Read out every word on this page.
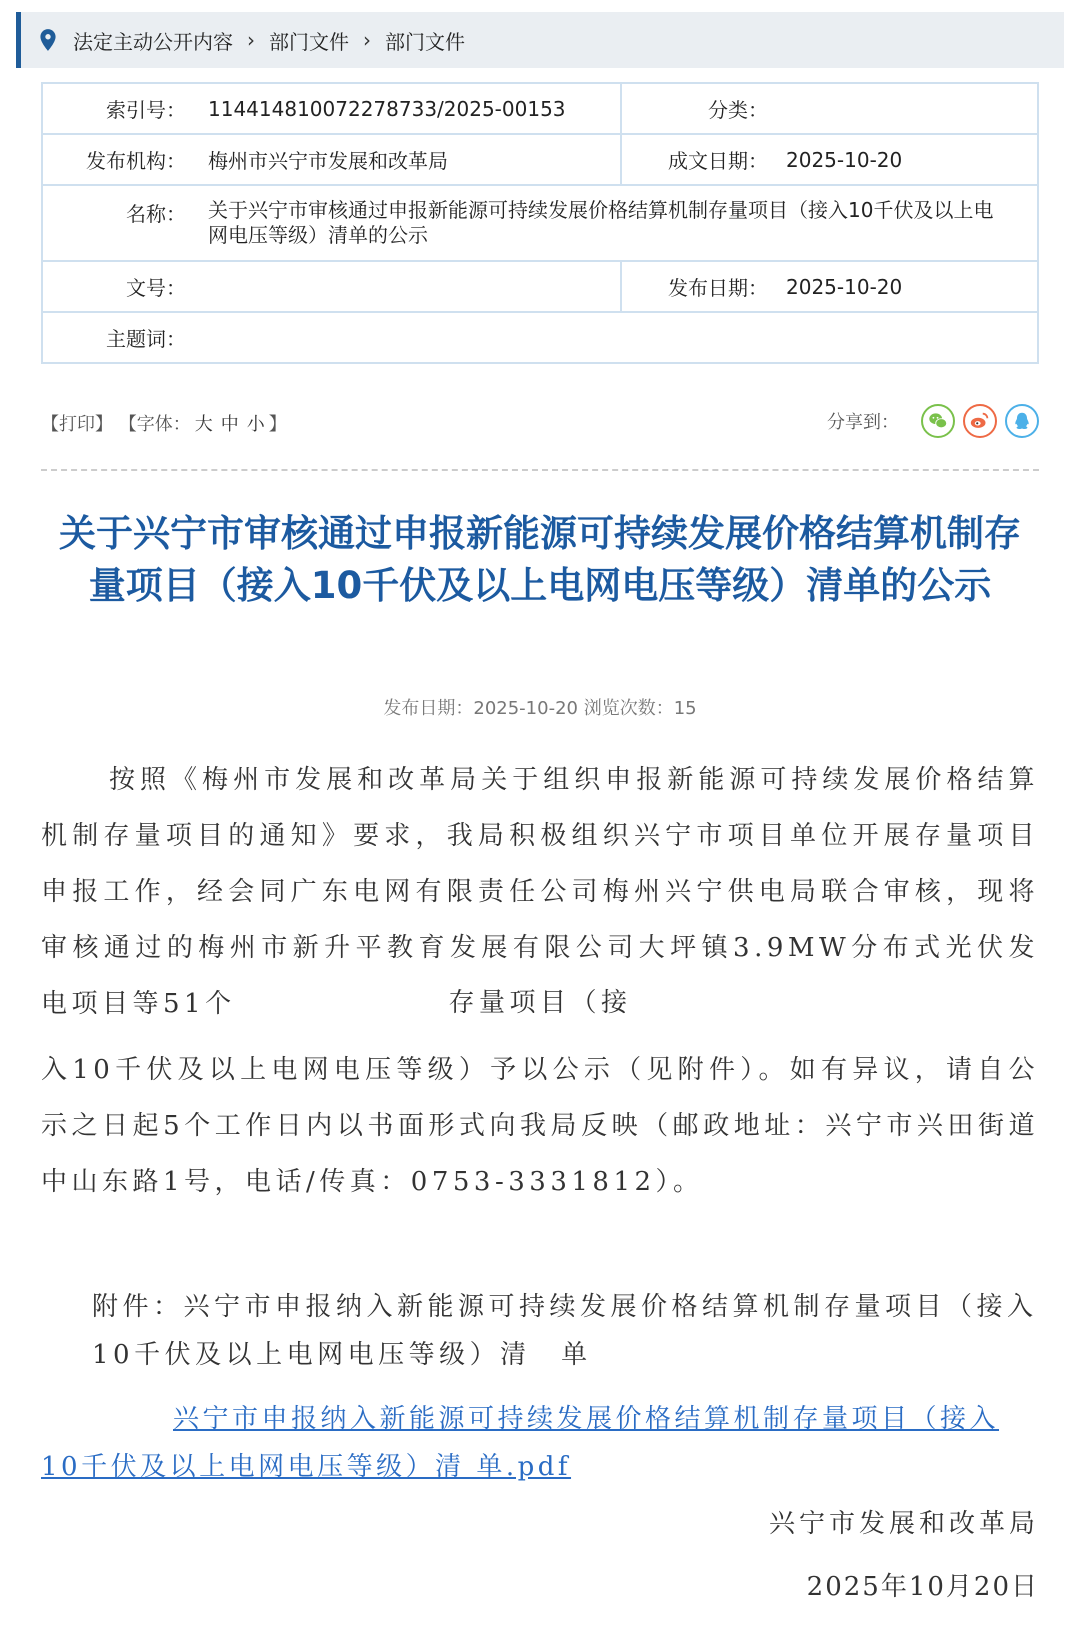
法定主动公开内容 › 部门文件 › 部门文件
索引号：	114414810072278733/2025-00153	分类：	
发布机构：	梅州市兴宁市发展和改革局	成文日期：	2025-10-20
名称：	关于兴宁市审核通过申报新能源可持续发展价格结算机制存量项目（接入10千伏及以上电网电压等级）清单的公示		
文号：		发布日期：	2025-10-20
主题词：			
【打印】 【字体： 大 中 小 】	分享到：
关于兴宁市审核通过申报新能源可持续发展价格结算机制存量项目（接入10千伏及以上电网电压等级）清单的公示
发布日期：2025-10-20 浏览次数：15

按照《梅州市发展和改革局关于组织申报新能源可持续发展价格结算机制存量项目的通知》要求，我局积极组织兴宁市项目单位开展存量项目申报工作，经会同广东电网有限责任公司梅州兴宁供电局联合审核，现将审核通过的梅州市新升平教育发展有限公司大坪镇3.9MW分布式光伏发电项目等51个	存量项目（接

入10千伏及以上电网电压等级）予以公示（见附件）。如有异议，请自公示之日起5个工作日内以书面形式向我局反映（邮政地址：兴宁市兴田街道中山东路1号，电话/传真：0753-3331812）。

附件：兴宁市申报纳入新能源可持续发展价格结算机制存量项目（接入10千伏及以上电网电压等级）清　单

兴宁市申报纳入新能源可持续发展价格结算机制存量项目（接入10千伏及以上电网电压等级）清 单.pdf

兴宁市发展和改革局
2025年10月20日
